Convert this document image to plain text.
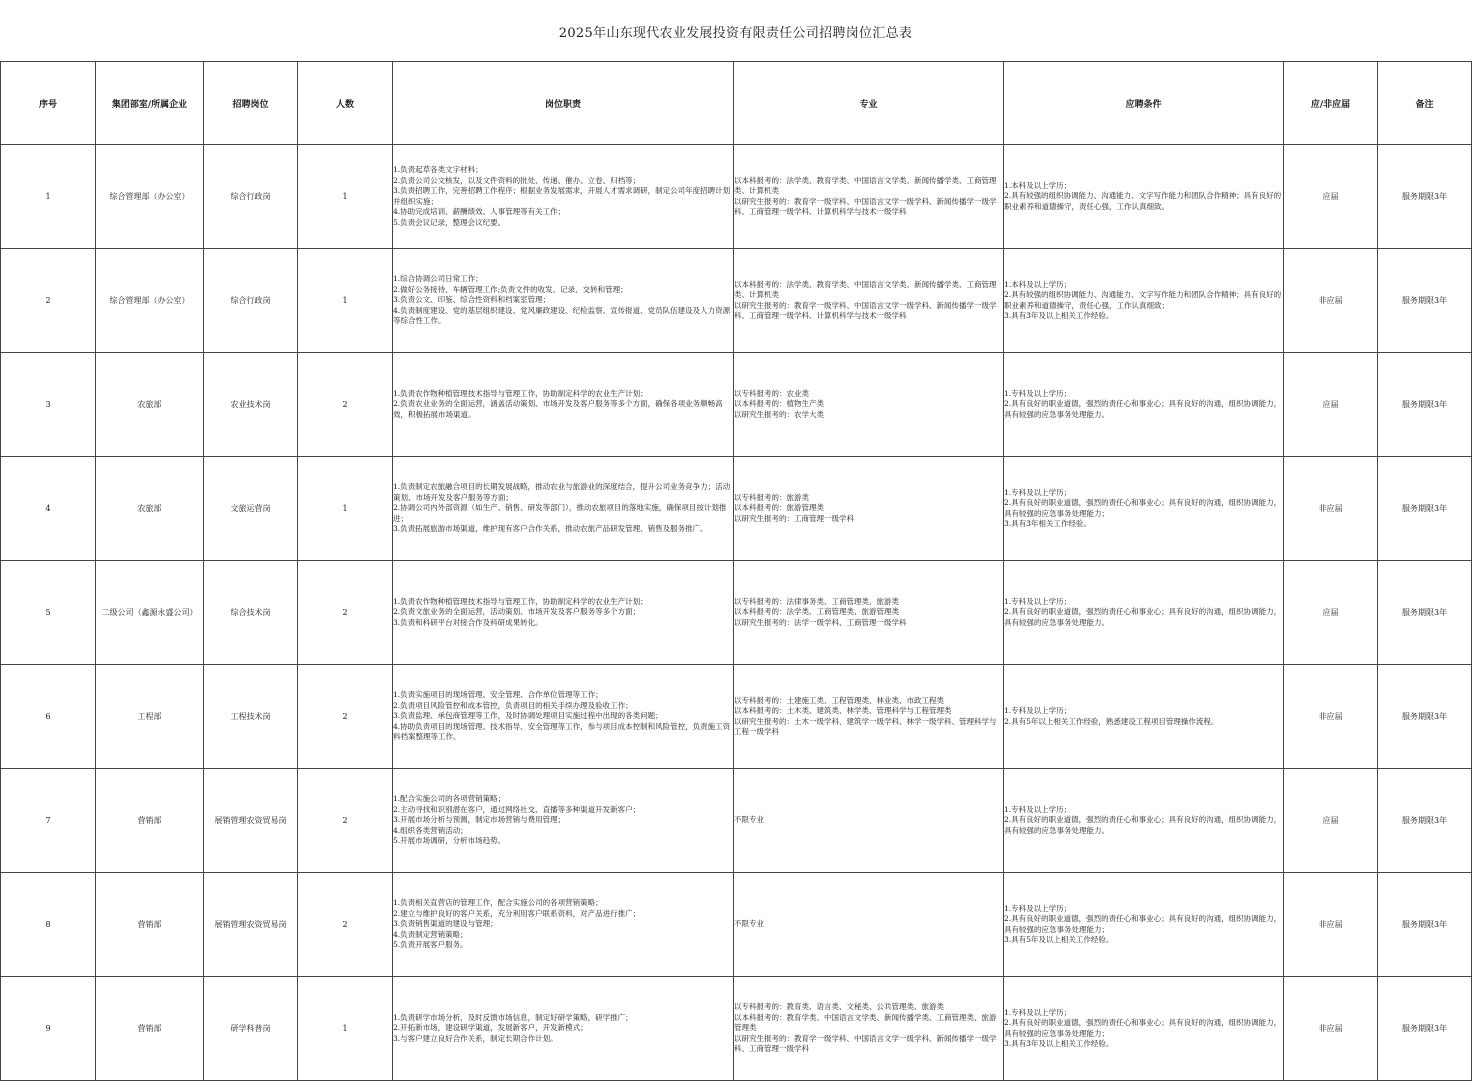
2025年山东现代农业发展投资有限责任公司招聘岗位汇总表
序号	集团部室/所属企业	招聘岗位	人数	岗位职责	专业	应聘条件	应/非应届	备注
1	综合管理部（办公室）	综合行政岗	1	1.负责起草各类文字材料；
2.负责公司公文核发，以及文件资料的批处、传递、催办、立卷、归档等；
3.负责招聘工作，完善招聘工作程序；根据业务发展需求，开展人才需求调研，制定公司年度招聘计划并组织实施；
4.协助完成培训、薪酬绩效、人事管理等有关工作；
5.负责会议记录，整理会议纪要。	以本科报考的：法学类、教育学类、中国语言文学类、新闻传播学类、工商管理类、计算机类
以研究生报考的：教育学一级学科、中国语言文学一级学科、新闻传播学一级学科、工商管理一级学科、计算机科学与技术一级学科	1.本科及以上学历；
2.具有较强的组织协调能力、沟通能力、文字写作能力和团队合作精神；具有良好的职业素养和道德操守，责任心强，工作认真细致。	应届	服务期限3年
2	综合管理部（办公室）	综合行政岗	1	1.综合协调公司日常工作；
2.做好公务接待、车辆管理工作;负责文件的收发、记录、交转和管理；
3.负责公文、印鉴、综合性资料和档案室管理；
4.负责制度建设、党的基层组织建设、党风廉政建设、纪检监察、宣传报道、党员队伍建设及人力资源等综合性工作。	以本科报考的：法学类、教育学类、中国语言文学类、新闻传播学类、工商管理类、计算机类
以研究生报考的：教育学一级学科、中国语言文学一级学科、新闻传播学一级学科、工商管理一级学科、计算机科学与技术一级学科	1.本科及以上学历；
2.具有较强的组织协调能力、沟通能力、文字写作能力和团队合作精神；具有良好的职业素养和道德操守，责任心强，工作认真细致；
3.具有3年及以上相关工作经验。	非应届	服务期限3年
3	农旅部	农业技术岗	2	1.负责农作物种植管理技术指导与管理工作，协助制定科学的农业生产计划；
2.负责农业业务的全面运营，涵盖活动策划、市场开发及客户服务等多个方面，确保各项业务顺畅高效，积极拓展市场渠道。	以专科报考的：农业类
以本科报考的：植物生产类
以研究生报考的：农学大类	1.专科及以上学历；
2.具有良好的职业道德，强烈的责任心和事业心；具有良好的沟通，组织协调能力，具有较强的应急事务处理能力。	应届	服务期限3年
4	农旅部	文旅运营岗	1	1.负责制定农旅融合项目的长期发展战略，推动农业与旅游业的深度结合，提升公司业务竞争力；活动策划、市场开发及客户服务等方面；
2.协调公司内外部资源（如生产、销售、研发等部门），推动农旅项目的落地实施，确保项目按计划推进；
3.负责拓展旅游市场渠道，维护现有客户合作关系，推动农旅产品研发管理、销售及服务推广。	以专科报考的：旅游类
以本科报考的：旅游管理类
以研究生报考的：工商管理一级学科	1.专科及以上学历；
2.具有良好的职业道德，强烈的责任心和事业心；具有良好的沟通，组织协调能力，具有较强的应急事务处理能力；
3.具有3年相关工作经验。	非应届	服务期限3年
5	二级公司（鑫源永盛公司）	综合技术岗	2	1.负责农作物种植管理技术指导与管理工作，协助制定科学的农业生产计划；
2.负责文旅业务的全面运营，活动策划、市场开发及客户服务等多个方面；
3.负责和科研平台对接合作及科研成果转化。	以专科报考的：法律事务类、工商管理类、旅游类
以本科报考的：法学类、工商管理类、旅游管理类
以研究生报考的：法学一级学科、工商管理一级学科	1.专科及以上学历；
2.具有良好的职业道德，强烈的责任心和事业心；具有良好的沟通，组织协调能力，具有较强的应急事务处理能力。	应届	服务期限3年
6	工程部	工程技术岗	2	1.负责实施项目的现场管理、安全管理、合作单位管理等工作；
2.负责项目风险管控和成本管控，负责项目的相关手续办理及验收工作；
3.负责监理、承包商管理等工作，及时协调处理项目实施过程中出现的各类问题；
4.协助负责项目的现场管理、技术指导、安全管理等工作，参与项目成本控制和风险管控，负责施工资料档案整理等工作。	以专科报考的：土建施工类、工程管理类、林业类、市政工程类
以本科报考的：土木类、建筑类、林学类、管理科学与工程管理类                          以研究生报考的：土木一级学科、建筑学一级学科、林学一级学科、管理科学与工程一级学科	1.专科及以上学历；
2.具有5年以上相关工作经验，熟悉建设工程项目管理操作流程。	非应届	服务期限3年
7	营销部	展销管理农资贸易岗	2	1.配合实施公司的各项营销策略；
2.主动寻找和识别潜在客户，通过网络社交、直播等多种渠道开发新客户；
3.开展市场分析与预测，制定市场营销与费用管理；
4.组织各类营销活动；
5.开展市场调研，分析市场趋势。	不限专业	1.专科及以上学历；
2.具有良好的职业道德，强烈的责任心和事业心；具有良好的沟通，组织协调能力，具有较强的应急事务处理能力。	应届	服务期限3年
8	营销部	展销管理农资贸易岗	2	1.负责相关直营店的管理工作，配合实施公司的各项营销策略；
2.建立与维护良好的客户关系，充分利用客户联系资料，对产品进行推广；
3.负责销售渠道的建设与管理；
4.负责制定营销策略；
5.负责开展客户服务。	不限专业	1.专科及以上学历；
2.具有良好的职业道德，强烈的责任心和事业心；具有良好的沟通，组织协调能力，具有较强的应急事务处理能力；
3.具有5年及以上相关工作经验。	非应届	服务期限3年
9	营销部	研学科普岗	1	1.负责研学市场分析，及时反馈市场信息，制定好研学策略，研学推广；
2.开拓新市场，建设研学渠道，发展新客户，开发新模式；
3.与客户建立良好合作关系，制定长期合作计划。	以专科报考的：教育类、语言类、文秘类、公共管理类、旅游类
以本科报考的：教育学类、中国语言文学类、新闻传播学类、工商管理类、旅游管理类
以研究生报考的：教育学一级学科、中国语言文学一级学科、新闻传播学一级学科、工商管理一级学科	1.专科及以上学历；
2.具有良好的职业道德，强烈的责任心和事业心；具有良好的沟通，组织协调能力，具有较强的应急事务处理能力；
3.具有3年及以上相关工作经验。	非应届	服务期限3年
